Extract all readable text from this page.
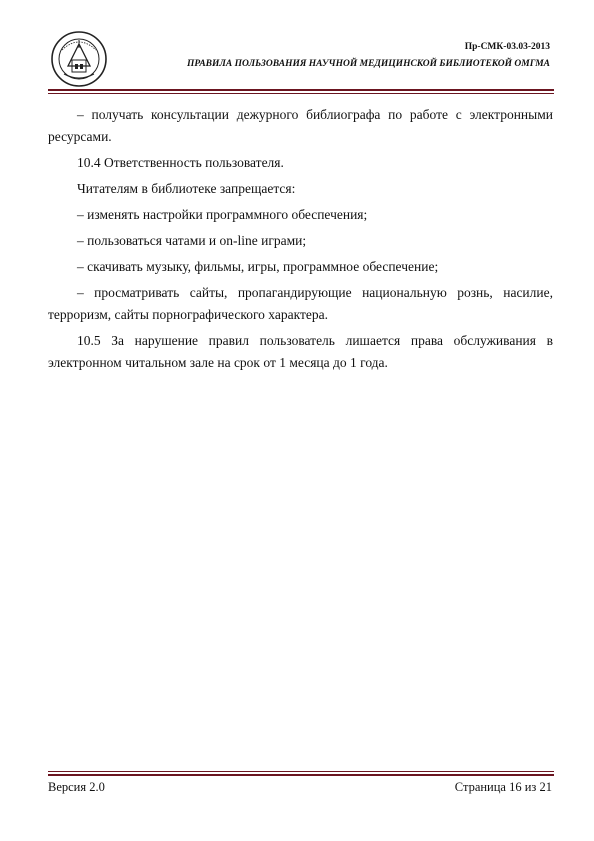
Пр-СМК-03.03-2013
ПРАВИЛА ПОЛЬЗОВАНИЯ НАУЧНОЙ МЕДИЦИНСКОЙ БИБЛИОТЕКОЙ ОМГМА

– получать консультации дежурного библиографа по работе с электронными ресурсами.

10.4 Ответственность пользователя.

Читателям в библиотеке запрещается:

– изменять настройки программного обеспечения;

– пользоваться чатами и on-line играми;

– скачивать музыку, фильмы, игры, программное обеспечение;

– просматривать сайты, пропагандирующие национальную рознь, насилие, терроризм, сайты порнографического характера.

10.5 За нарушение правил пользователь лишается права обслуживания в электронном читальном зале на срок от 1 месяца до 1 года.

Версия 2.0	Страница 16 из 21
